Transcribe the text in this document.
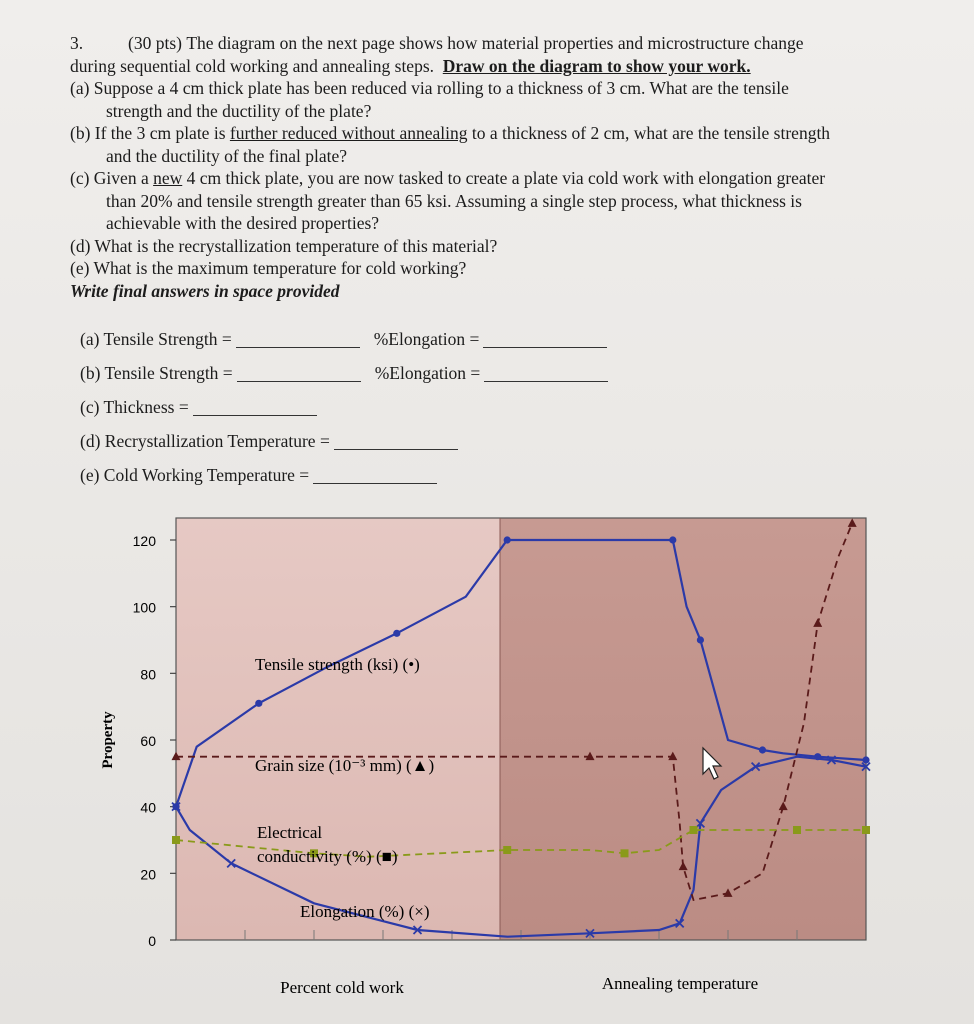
3.	(30 pts) The diagram on the next page shows how material properties and microstructure change
during sequential cold working and annealing steps. Draw on the diagram to show your work.
(a) Suppose a 4 cm thick plate has been reduced via rolling to a thickness of 3 cm. What are the tensile
strength and the ductility of the plate?
(b) If the 3 cm plate is further reduced without annealing to a thickness of 2 cm, what are the tensile strength
and the ductility of the final plate?
(c) Given a new 4 cm thick plate, you are now tasked to create a plate via cold work with elongation greater
than 20% and tensile strength greater than 65 ksi. Assuming a single step process, what thickness is
achievable with the desired properties?
(d) What is the recrystallization temperature of this material?
(e) What is the maximum temperature for cold working?
Write final answers in space provided
(a) Tensile Strength =	%Elongation =
(b) Tensile Strength =	%Elongation =
(c) Thickness =
(d) Recrystallization Temperature =
(e) Cold Working Temperature =
0
20
40
60
80
100
120
Property
Tensile strength (ksi) (•)
Grain size (10⁻³ mm) (▲)
Electrical
conductivity (%) (■)
Elongation (%) (×)
Percent cold work	Annealing temperature
